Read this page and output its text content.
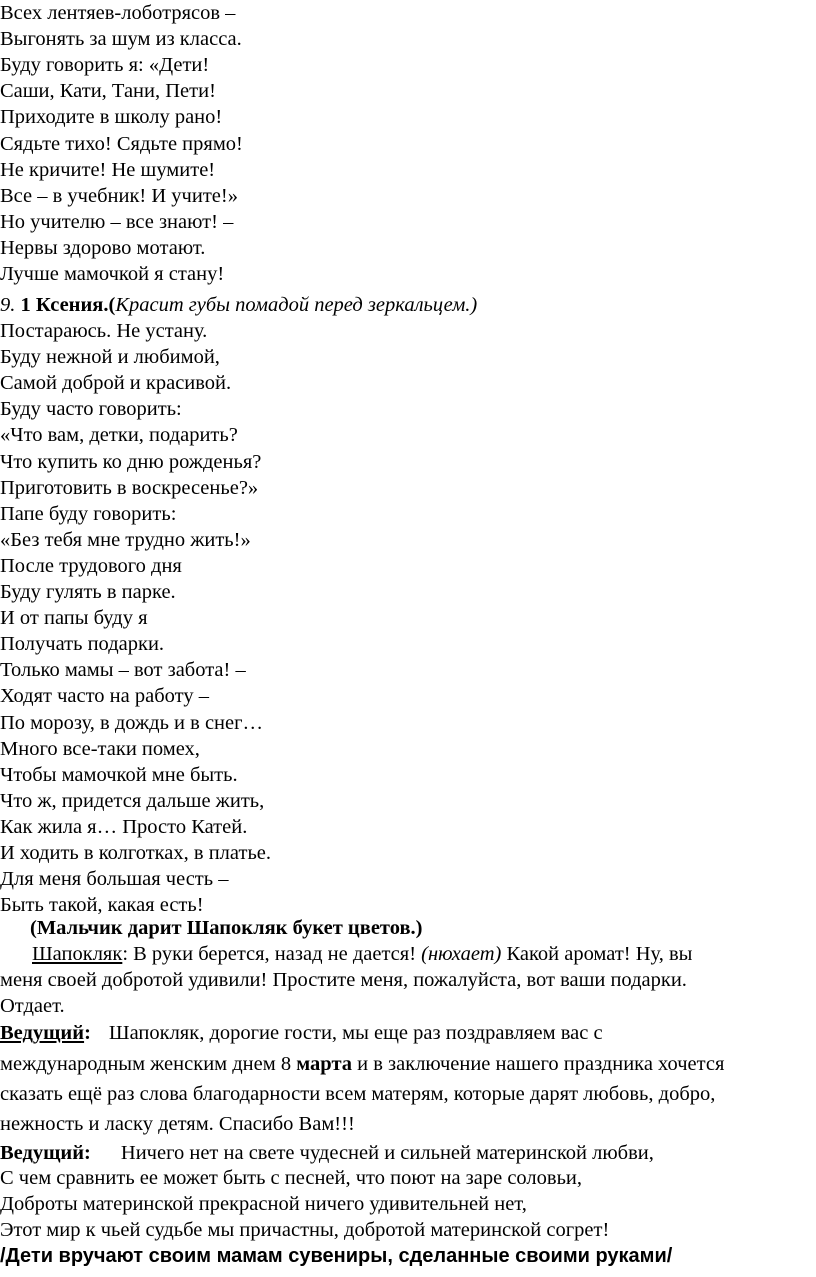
Всех лентяев-лоботрясов –
Выгонять за шум из класса.
Буду говорить я: «Дети!
Саши, Кати, Тани, Пети!
Приходите в школу рано!
Сядьте тихо! Сядьте прямо!
Не кричите! Не шумите!
Все – в учебник! И учите!»
Но учителю – все знают! –
Нервы здорово мотают.
Лучше мамочкой я стану!
9. 1 Ксения.(Красит губы помадой перед зеркальцем.)
Постараюсь. Не устану.
Буду нежной и любимой,
Самой доброй и красивой.
Буду часто говорить:
«Что вам, детки, подарить?
Что купить ко дню рожденья?
Приготовить в воскресенье?»
Папе буду говорить:
«Без тебя мне трудно жить!»
После трудового дня
Буду гулять в парке.
И от папы буду я
Получать подарки.
Только мамы – вот забота! –
Ходят часто на работу –
По морозу, в дождь и в снег…
Много все-таки помех,
Чтобы мамочкой мне быть.
Что ж, придется дальше жить,
Как жила я… Просто Катей.
И ходить в колготках, в платье.
Для меня большая честь –
Быть такой, какая есть!
(Мальчик дарит Шапокляк букет цветов.)
Шапокляк: В руки берется, назад не дается! (нюхает) Какой аромат! Ну, вы
меня своей добротой удивили! Простите меня, пожалуйста, вот ваши подарки.
Отдает.
Ведущий: Шапокляк, дорогие гости, мы еще раз поздравляем вас с
международным женским днем 8 марта и в заключение нашего праздника хочется
сказать ещё раз слова благодарности всем матерям, которые дарят любовь, добро,
нежность и ласку детям. Спасибо Вам!!!
Ведущий: Ничего нет на свете чудесней и сильней материнской любви,
С чем сравнить ее может быть с песней, что поют на заре соловьи,
Доброты материнской прекрасной ничего удивительней нет,
Этот мир к чьей судьбе мы причастны, добротой материнской согрет!
/Дети вручают своим мамам сувениры, сделанные своими руками/
